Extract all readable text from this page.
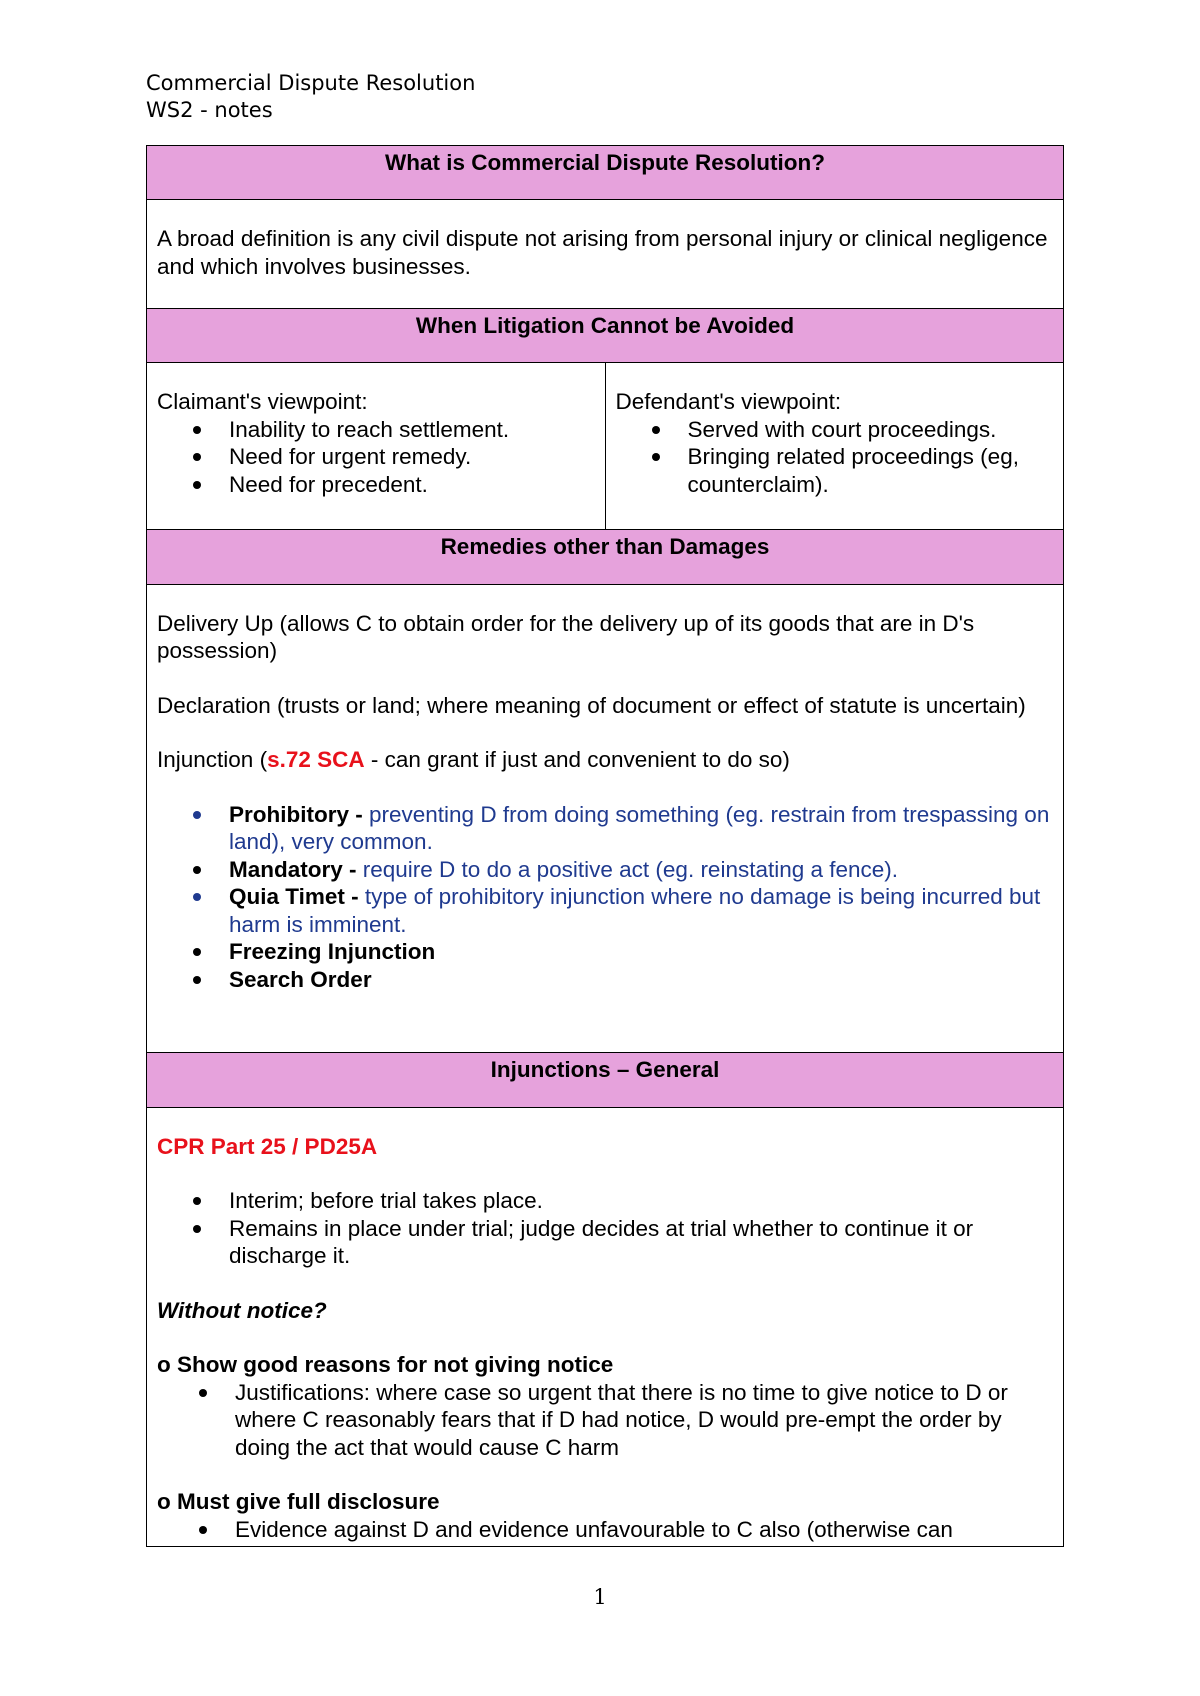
Commercial Dispute Resolution
WS2 - notes
What is Commercial Dispute Resolution?

A broad definition is any civil dispute not arising from personal injury or clinical negligence and which involves businesses.

When Litigation Cannot be Avoided

Claimant's viewpoint:

Inability to reach settlement.
Need for urgent remedy.
Need for precedent.

Defendant's viewpoint:

Served with court proceedings.
Bringing related proceedings (eg, counterclaim).

Remedies other than Damages

Delivery Up (allows C to obtain order for the delivery up of its goods that are in D's possession)

Declaration (trusts or land; where meaning of document or effect of statute is uncertain)

Injunction (s.72 SCA - can grant if just and convenient to do so)

Prohibitory - preventing D from doing something (eg. restrain from trespassing on land), very common.
Mandatory - require D to do a positive act (eg. reinstating a fence).
Quia Timet - type of prohibitory injunction where no damage is being incurred but harm is imminent.
Freezing Injunction
Search Order

Injunctions – General

CPR Part 25 / PD25A

Interim; before trial takes place.
Remains in place under trial; judge decides at trial whether to continue it or discharge it.

Without notice?

o Show good reasons for not giving notice

Justifications: where case so urgent that there is no time to give notice to D or where C reasonably fears that if D had notice, D would pre-empt the order by doing the act that would cause C harm

o Must give full disclosure

Evidence against D and evidence unfavourable to C also (otherwise can
1
